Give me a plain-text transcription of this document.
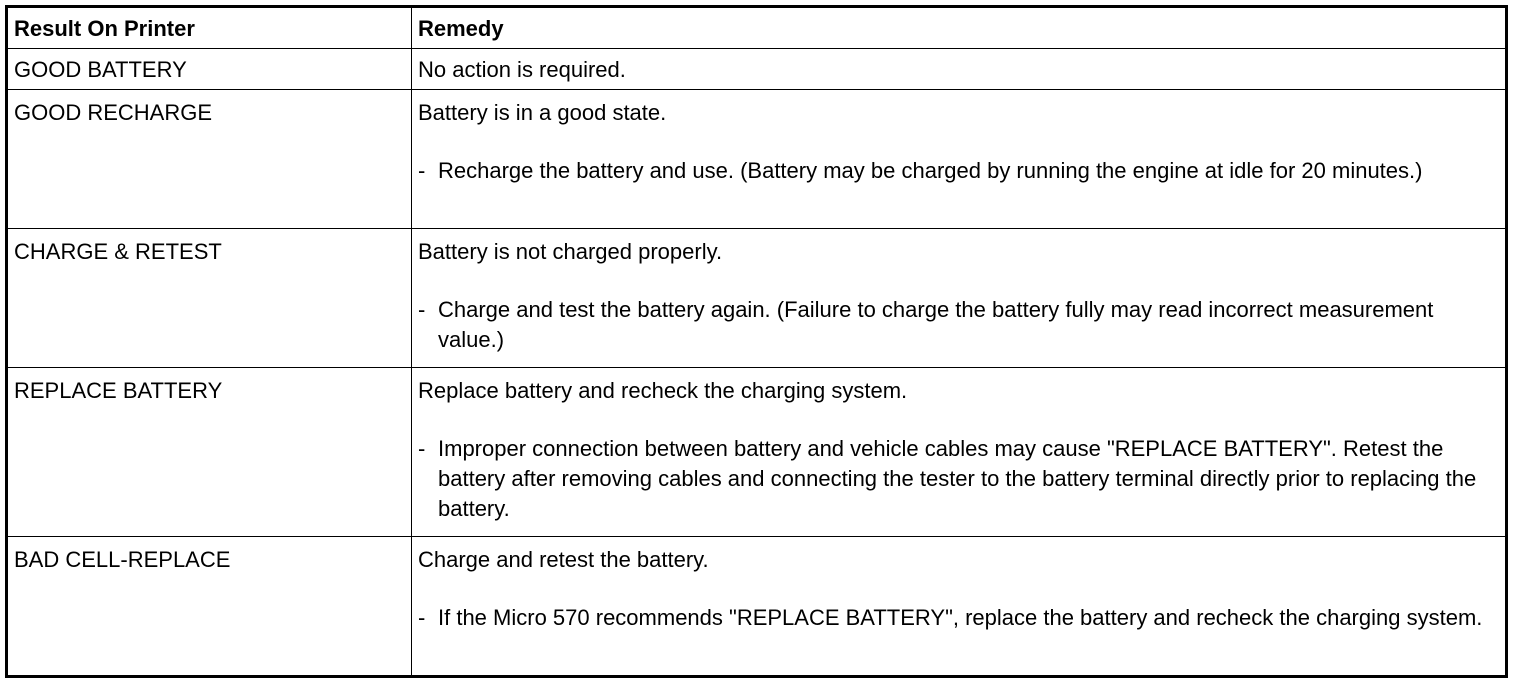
Result On Printer	Remedy
GOOD BATTERY	No action is required.

GOOD RECHARGE	Battery is in a good state.
- Recharge the battery and use. (Battery may be charged by running the engine at idle for 20 minutes.)

CHARGE & RETEST	Battery is not charged properly.
- Charge and test the battery again. (Failure to charge the battery fully may read incorrect measurement value.)

REPLACE BATTERY	Replace battery and recheck the charging system.
- Improper connection between battery and vehicle cables may cause "REPLACE BATTERY". Retest the battery after removing cables and connecting the tester to the battery terminal directly prior to replacing the battery.

BAD CELL-REPLACE	Charge and retest the battery.
- If the Micro 570 recommends "REPLACE BATTERY", replace the battery and recheck the charging system.
